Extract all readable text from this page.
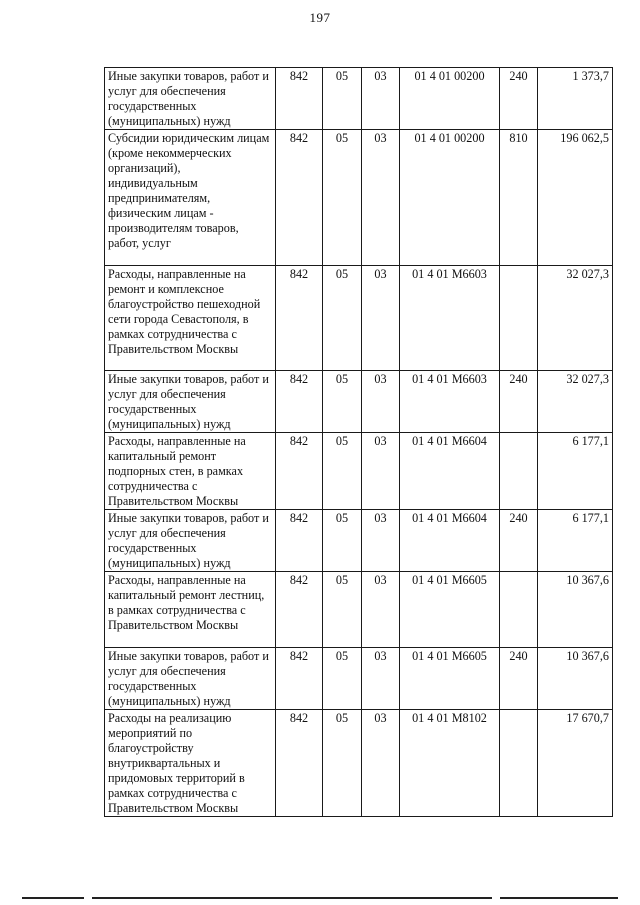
197
Иные закупки товаров, работ и услуг для обеспечения государственных (муниципальных) нужд	842	05	03	01 4 01 00200	240	1 373,7
Субсидии юридическим лицам (кроме некоммерческих организаций), индивидуальным предпринимателям, физическим лицам - производителям товаров, работ, услуг	842	05	03	01 4 01 00200	810	196 062,5
Расходы, направленные на ремонт и комплексное благоустройство пешеходной сети города Севастополя, в рамках сотрудничества с Правительством Москвы	842	05	03	01 4 01 М6603		32 027,3
Иные закупки товаров, работ и услуг для обеспечения государственных (муниципальных) нужд	842	05	03	01 4 01 М6603	240	32 027,3
Расходы, направленные на капитальный ремонт подпорных стен, в рамках сотрудничества с Правительством Москвы	842	05	03	01 4 01 М6604		6 177,1
Иные закупки товаров, работ и услуг для обеспечения государственных (муниципальных) нужд	842	05	03	01 4 01 М6604	240	6 177,1
Расходы, направленные на капитальный ремонт лестниц, в рамках сотрудничества с Правительством Москвы	842	05	03	01 4 01 М6605		10 367,6
Иные закупки товаров, работ и услуг для обеспечения государственных (муниципальных) нужд	842	05	03	01 4 01 М6605	240	10 367,6
Расходы на реализацию мероприятий по благоустройству внутриквартальных и придомовых территорий в рамках сотрудничества с Правительством Москвы	842	05	03	01 4 01 М8102		17 670,7
